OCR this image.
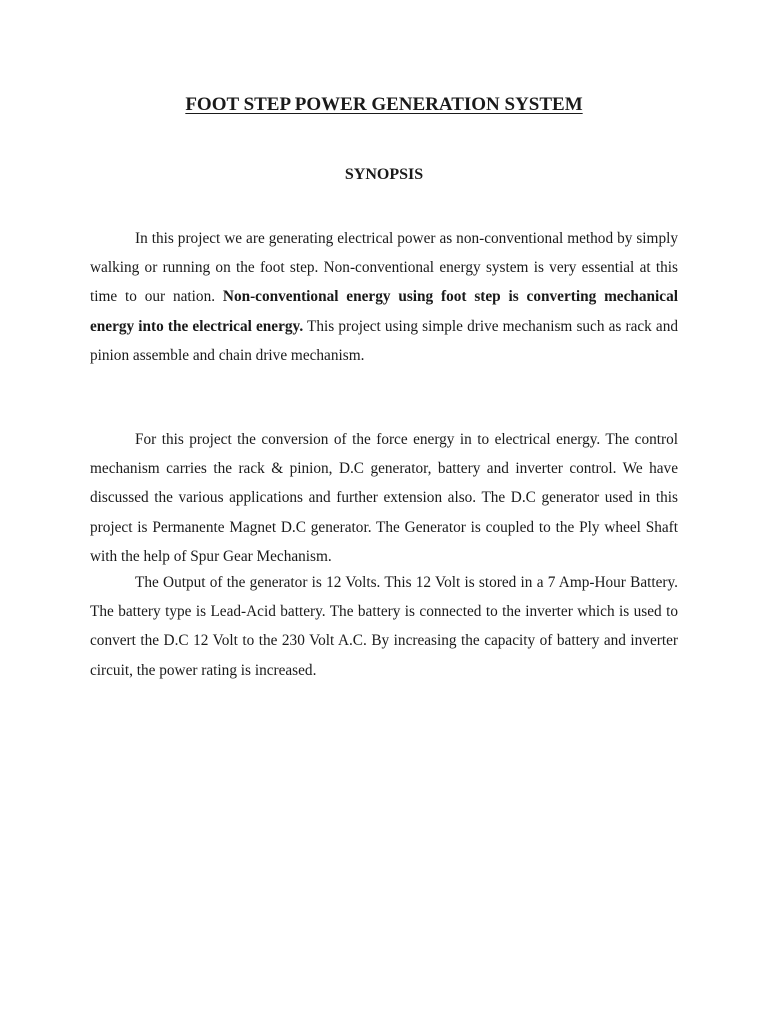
FOOT STEP POWER GENERATION SYSTEM
SYNOPSIS

In this project we are generating electrical power as non-conventional method by simply walking or running on the foot step. Non-conventional energy system is very essential at this time to our nation. Non-conventional energy using foot step is converting mechanical energy into the electrical energy. This project using simple drive mechanism such as rack and pinion assemble and chain drive mechanism.

For this project the conversion of the force energy in to electrical energy. The control mechanism carries the rack & pinion, D.C generator, battery and inverter control. We have discussed the various applications and further extension also. The D.C generator used in this project is Permanente Magnet D.C generator. The Generator is coupled to the Ply wheel Shaft with the help of Spur Gear Mechanism.

The Output of the generator is 12 Volts. This 12 Volt is stored in a 7 Amp-Hour Battery. The battery type is Lead-Acid battery. The battery is connected to the inverter which is used to convert the D.C 12 Volt to the 230 Volt A.C. By increasing the capacity of battery and inverter circuit, the power rating is increased.
